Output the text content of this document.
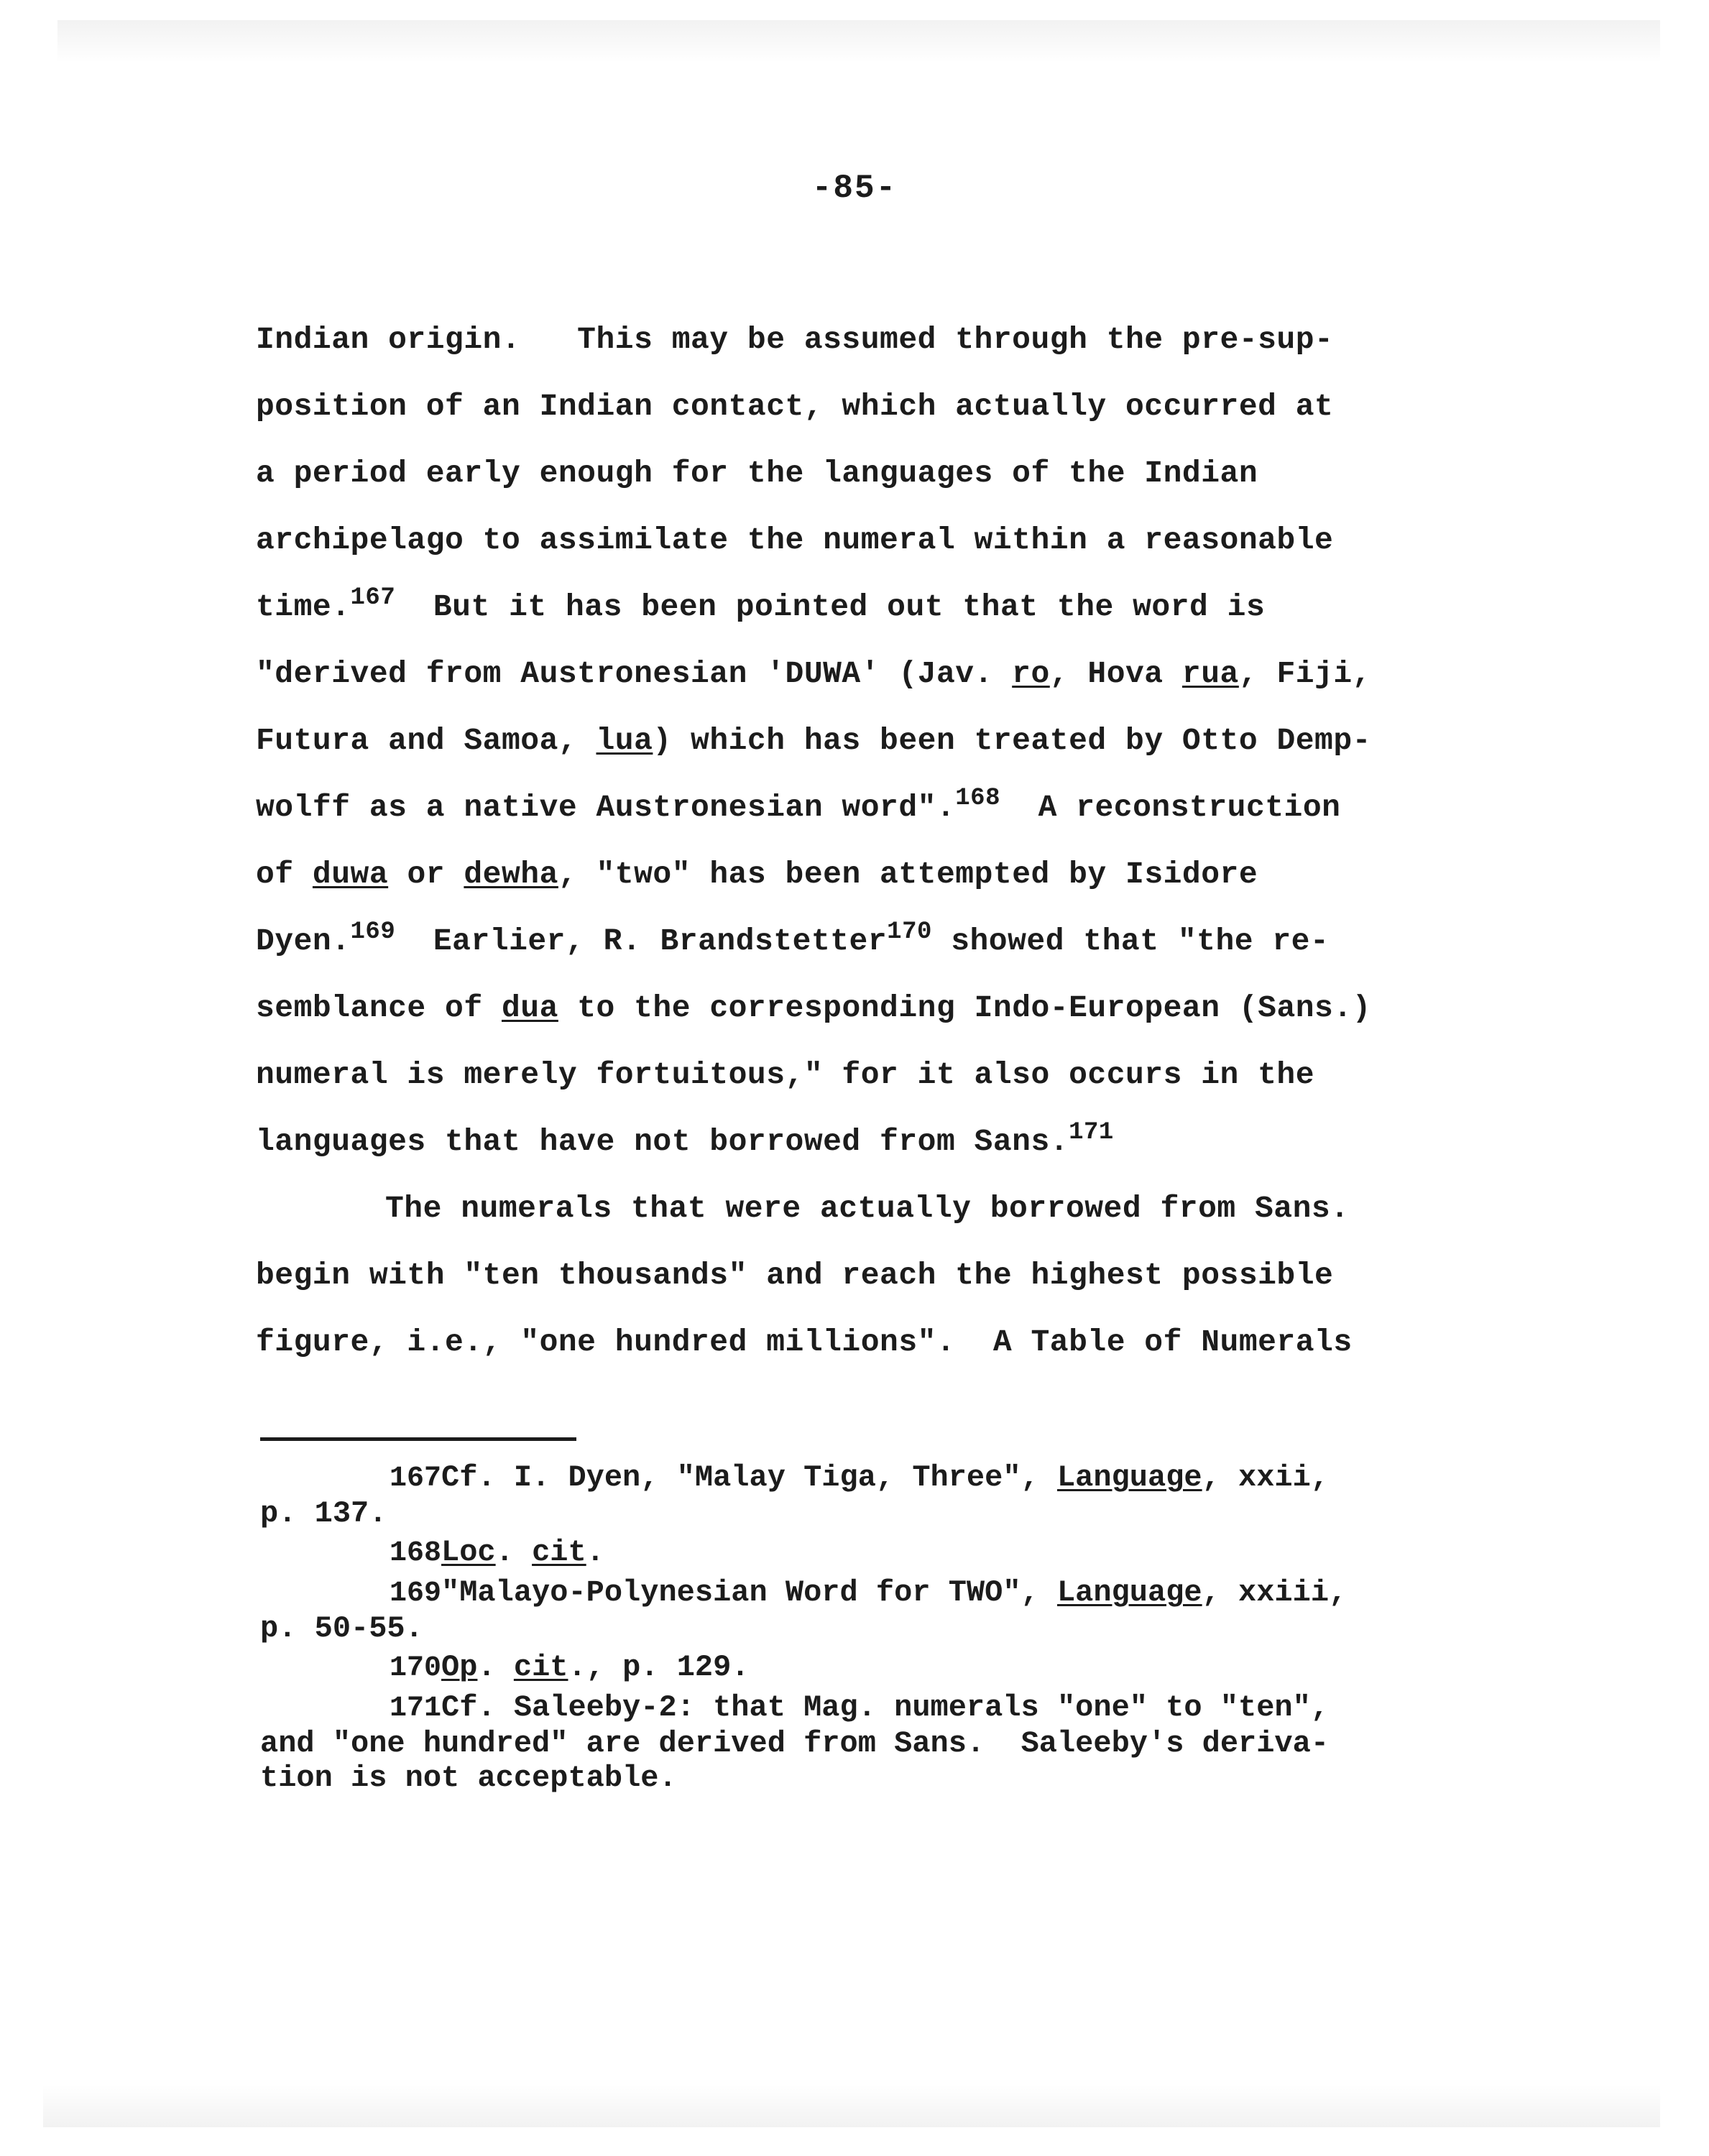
-85-
Indian origin.   This may be assumed through the pre-sup-
position of an Indian contact, which actually occurred at
a period early enough for the languages of the Indian
archipelago to assimilate the numeral within a reasonable
time.$^{167}$  But it has been pointed out that the word is
"derived from Austronesian 'DUWA' (Jav. ro, Hova rua, Fiji,
Futura and Samoa, lua) which has been treated by Otto Demp-
wolff as a native Austronesian word".$^{168}$  A reconstruction
of duwa or dewha, "two" has been attempted by Isidore
Dyen.$^{169}$  Earlier, R. Brandstetter$^{170}$ showed that "the re-
semblance of dua to the corresponding Indo-European (Sans.)
numeral is merely fortuitous," for it also occurs in the
languages that have not borrowed from Sans.$^{171}$
The numerals that were actually borrowed from Sans.
begin with "ten thousands" and reach the highest possible
figure, i.e., "one hundred millions".  A Table of Numerals
167Cf. I. Dyen, "Malay Tiga, Three", Language, xxii,
p. 137.
168Loc. cit.
169"Malayo-Polynesian Word for TWO", Language, xxiii,
p. 50-55.
170Op. cit., p. 129.
171Cf. Saleeby-2: that Mag. numerals "one" to "ten",
and "one hundred" are derived from Sans.  Saleeby's deriva-
tion is not acceptable.
